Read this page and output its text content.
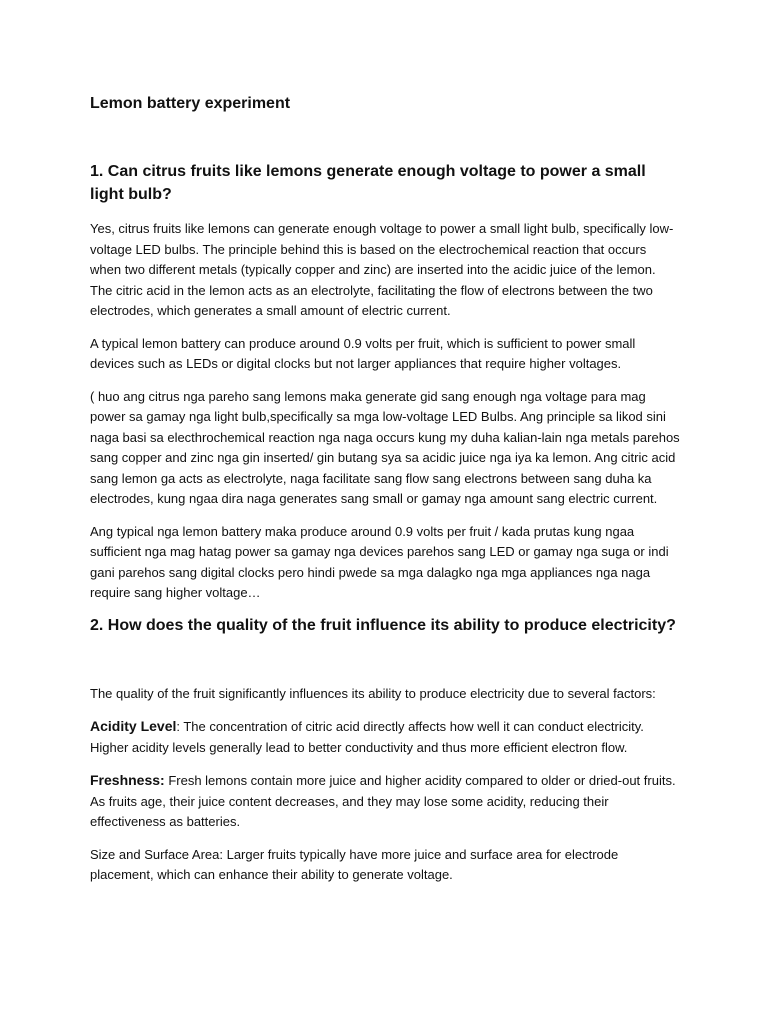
Lemon battery experiment
1. Can citrus fruits like lemons generate enough voltage to power a small light bulb?

Yes, citrus fruits like lemons can generate enough voltage to power a small light bulb, specifically low-voltage LED bulbs. The principle behind this is based on the electrochemical reaction that occurs when two different metals (typically copper and zinc) are inserted into the acidic juice of the lemon. The citric acid in the lemon acts as an electrolyte, facilitating the flow of electrons between the two electrodes, which generates a small amount of electric current.

A typical lemon battery can produce around 0.9 volts per fruit, which is sufficient to power small devices such as LEDs or digital clocks but not larger appliances that require higher voltages.

( huo ang citrus nga pareho sang lemons maka generate gid sang enough nga voltage para mag power sa gamay nga light bulb,specifically sa mga low-voltage LED Bulbs. Ang principle sa likod sini naga basi sa electhrochemical reaction nga naga occurs kung my duha kalian-lain nga metals parehos sang copper and zinc nga gin inserted/ gin butang sya sa acidic juice nga iya ka lemon. Ang citric acid sang lemon ga acts as electrolyte, naga facilitate sang flow sang electrons between sang duha ka electrodes, kung ngaa dira naga generates sang small or gamay nga amount sang electric current.

Ang typical nga lemon battery maka produce around 0.9 volts per fruit / kada prutas kung ngaa sufficient nga mag hatag power sa gamay nga devices parehos sang LED or gamay nga suga or indi gani parehos sang digital clocks pero hindi pwede sa mga dalagko nga mga appliances nga naga require sang higher voltage…

2. How does the quality of the fruit influence its ability to produce electricity?

The quality of the fruit significantly influences its ability to produce electricity due to several factors:

Acidity Level: The concentration of citric acid directly affects how well it can conduct electricity. Higher acidity levels generally lead to better conductivity and thus more efficient electron flow.

Freshness: Fresh lemons contain more juice and higher acidity compared to older or dried-out fruits. As fruits age, their juice content decreases, and they may lose some acidity, reducing their effectiveness as batteries.

Size and Surface Area: Larger fruits typically have more juice and surface area for electrode placement, which can enhance their ability to generate voltage.
